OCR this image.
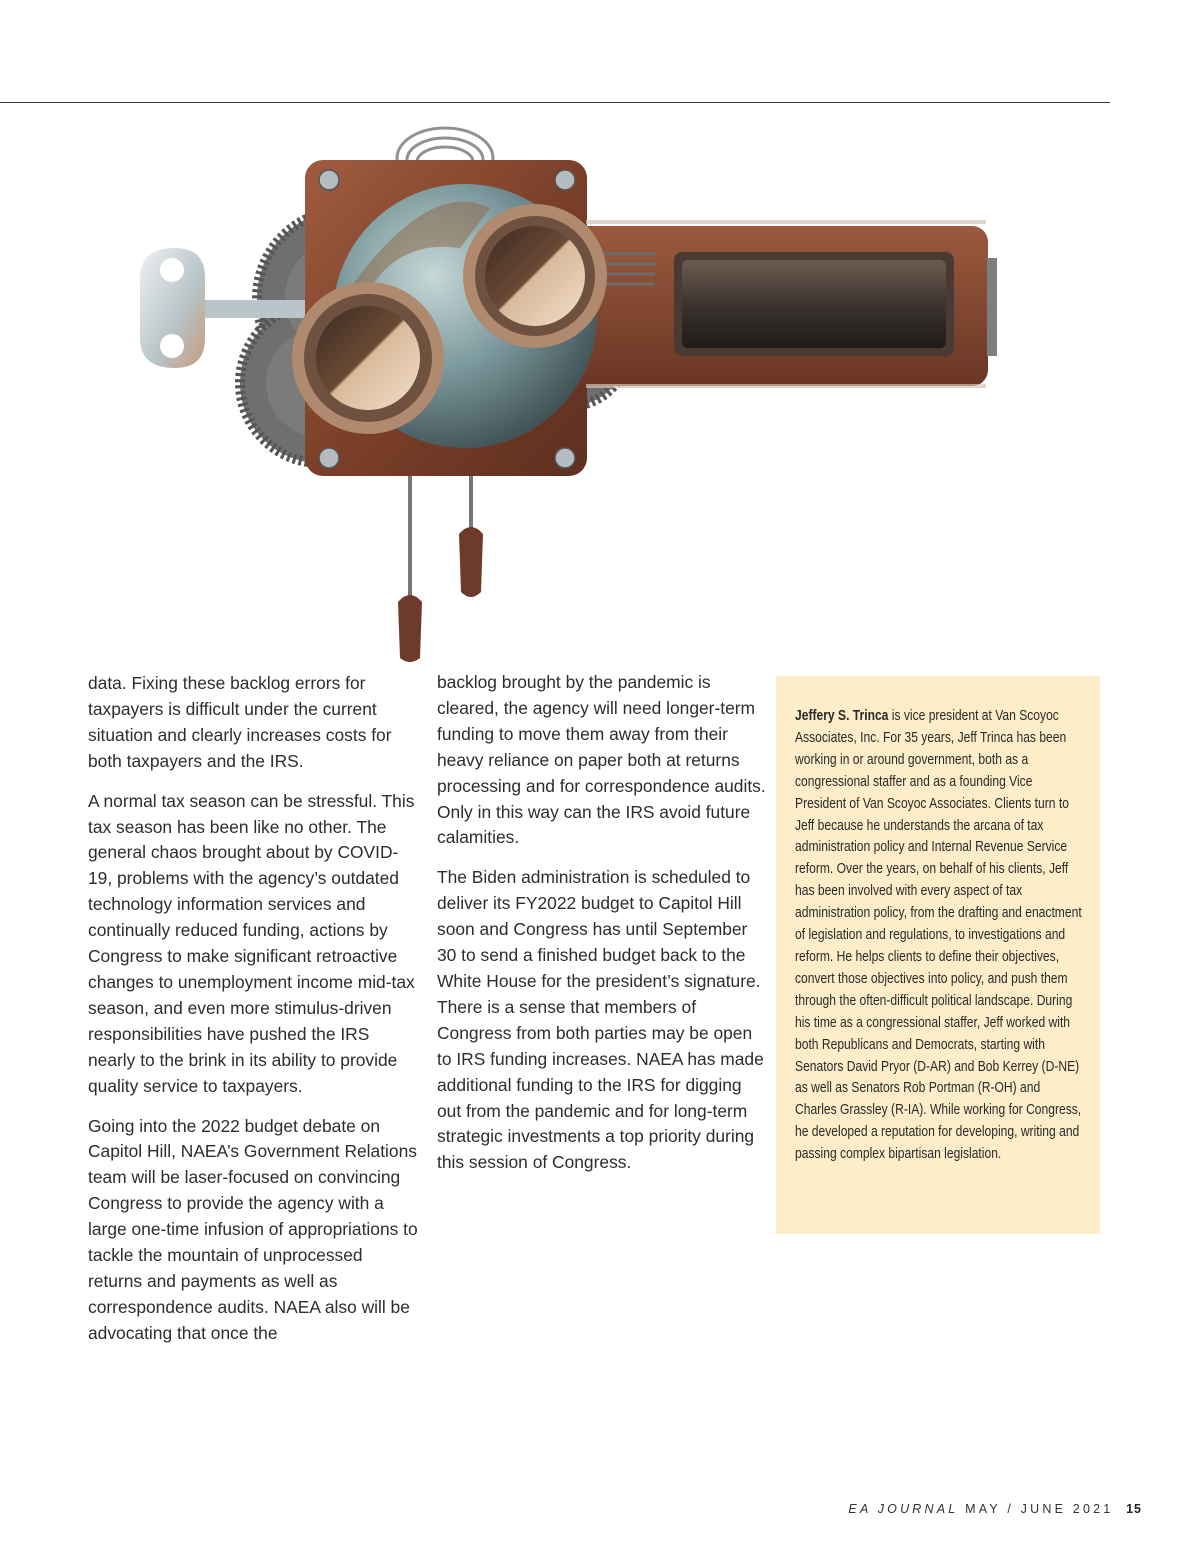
data. Fixing these backlog errors for taxpayers is difficult under the current situation and clearly increases costs for both taxpayers and the IRS.

A normal tax season can be stressful. This tax season has been like no other. The general chaos brought about by COVID-19, problems with the agency’s outdated technology information services and continually reduced funding, actions by Congress to make significant retroactive changes to unemployment income mid-tax season, and even more stimulus-driven responsibilities have pushed the IRS nearly to the brink in its ability to provide quality service to taxpayers.

Going into the 2022 budget debate on Capitol Hill, NAEA’s Government Relations team will be laser-focused on convincing Congress to provide the agency with a large one-time infusion of appropriations to tackle the mountain of unprocessed returns and payments as well as correspondence audits. NAEA also will be advocating that once the

backlog brought by the pandemic is cleared, the agency will need longer-term funding to move them away from their heavy reliance on paper both at returns processing and for correspondence audits. Only in this way can the IRS avoid future calamities.

The Biden administration is scheduled to deliver its FY2022 budget to Capitol Hill soon and Congress has until September 30 to send a finished budget back to the White House for the president’s signature. There is a sense that members of Congress from both parties may be open to IRS funding increases. NAEA has made additional funding to the IRS for digging out from the pandemic and for long-term strategic investments a top priority during this session of Congress.

Jeffery S. Trinca is vice president at Van Scoyoc Associates, Inc. For 35 years, Jeff Trinca has been working in or around government, both as a congressional staffer and as a founding Vice President of Van Scoyoc Associates. Clients turn to Jeff because he understands the arcana of tax administration policy and Internal Revenue Service reform. Over the years, on behalf of his clients, Jeff has been involved with every aspect of tax administration policy, from the drafting and enactment of legislation and regulations, to investigations and reform. He helps clients to define their objectives, convert those objectives into policy, and push them through the often-difficult political landscape. During his time as a congressional staffer, Jeff worked with both Republicans and Democrats, starting with Senators David Pryor (D-AR) and Bob Kerrey (D-NE) as well as Senators Rob Portman (R-OH) and Charles Grassley (R-IA). While working for Congress, he developed a reputation for developing, writing and passing complex bipartisan legislation.

EA JOURNAL MAY / JUNE 2021 15
